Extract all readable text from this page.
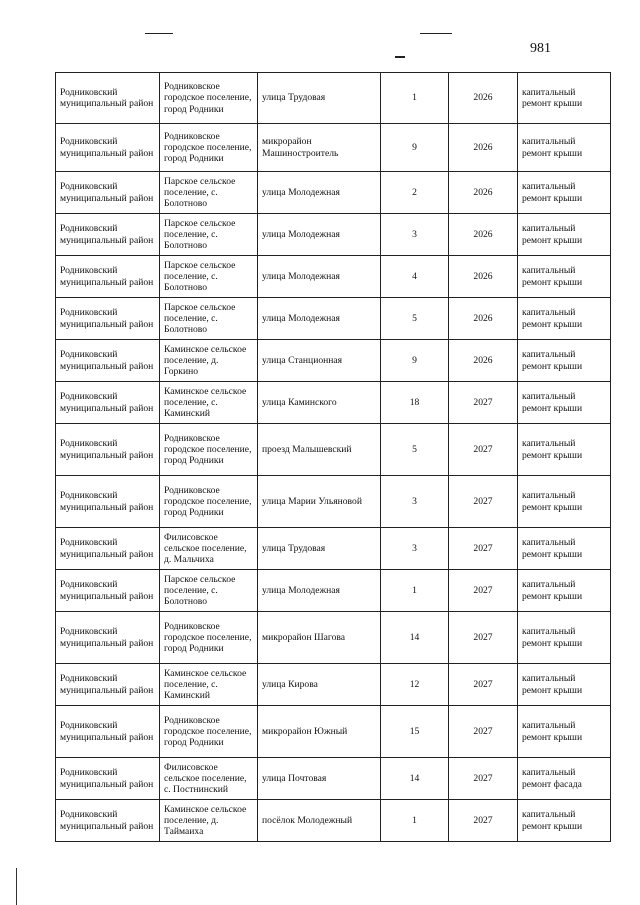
981
Родниковский муниципальный район	Родниковское городское поселение, город Родники	улица Трудовая	1	2026	капитальный ремонт крыши
Родниковский муниципальный район	Родниковское городское поселение, город Родники	микрорайон Машиностроитель	9	2026	капитальный ремонт крыши
Родниковский муниципальный район	Парское сельское поселение, с. Болотново	улица Молодежная	2	2026	капитальный ремонт крыши
Родниковский муниципальный район	Парское сельское поселение, с. Болотново	улица Молодежная	3	2026	капитальный ремонт крыши
Родниковский муниципальный район	Парское сельское поселение, с. Болотново	улица Молодежная	4	2026	капитальный ремонт крыши
Родниковский муниципальный район	Парское сельское поселение, с. Болотново	улица Молодежная	5	2026	капитальный ремонт крыши
Родниковский муниципальный район	Каминское сельское поселение, д. Горкино	улица Станционная	9	2026	капитальный ремонт крыши
Родниковский муниципальный район	Каминское сельское поселение, с. Каминский	улица Каминского	18	2027	капитальный ремонт крыши
Родниковский муниципальный район	Родниковское городское поселение, город Родники	проезд Малышевский	5	2027	капитальный ремонт крыши
Родниковский муниципальный район	Родниковское городское поселение, город Родники	улица Марии Ульяновой	3	2027	капитальный ремонт крыши
Родниковский муниципальный район	Филисовское сельское поселение, д. Мальчиха	улица Трудовая	3	2027	капитальный ремонт крыши
Родниковский муниципальный район	Парское сельское поселение, с. Болотново	улица Молодежная	1	2027	капитальный ремонт крыши
Родниковский муниципальный район	Родниковское городское поселение, город Родники	микрорайон Шагова	14	2027	капитальный ремонт крыши
Родниковский муниципальный район	Каминское сельское поселение, с. Каминский	улица Кирова	12	2027	капитальный ремонт крыши
Родниковский муниципальный район	Родниковское городское поселение, город Родники	микрорайон Южный	15	2027	капитальный ремонт крыши
Родниковский муниципальный район	Филисовское сельское поселение, с. Постнинский	улица Почтовая	14	2027	капитальный ремонт фасада
Родниковский муниципальный район	Каминское сельское поселение, д. Таймаиха	посёлок Молодежный	1	2027	капитальный ремонт крыши
